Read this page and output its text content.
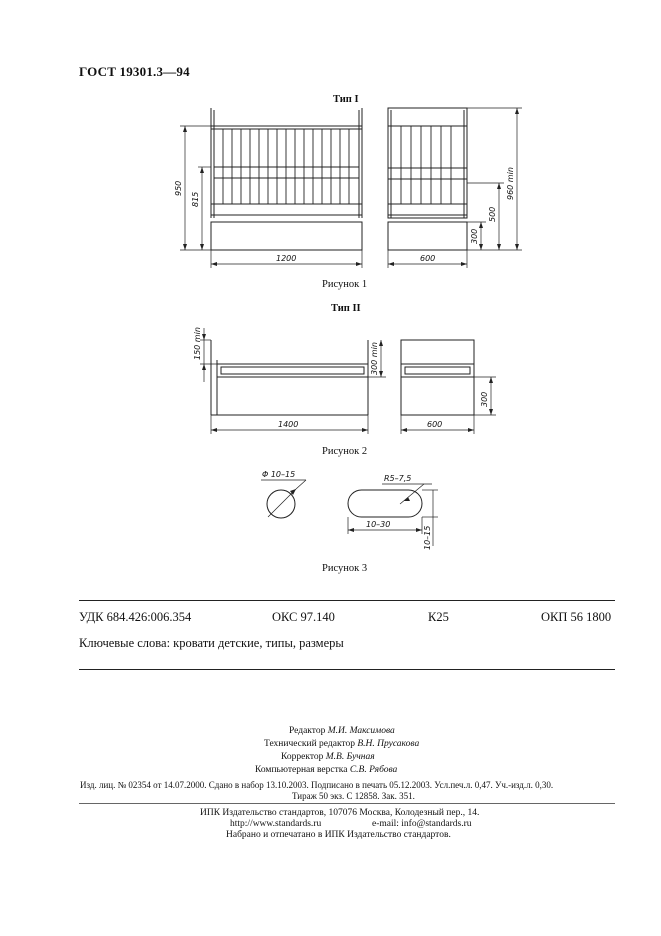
ГОСТ 19301.3—94
Тип I
Рисунок 1
Тип II
Рисунок 2
Рисунок 3
950
815
1200	600
960 min
500
300
150 min	300 min
1400	600
300
Φ 10–15	R5–7,5
10–30
10–15
УДК 684.426:006.354	ОКС 97.140	К25	ОКП 56 1800
Ключевые слова: кровати детские, типы, размеры
Редактор М.И. Максимова
Технический редактор В.Н. Прусакова
Корректор М.В. Бучная
Компьютерная верстка С.В. Рябова
Изд. лиц. № 02354 от 14.07.2000. Сдано в набор 13.10.2003. Подписано в печать 05.12.2003. Усл.печ.л. 0,47. Уч.-изд.л. 0,30.
Тираж 50 экз. С 12858. Зак. 351.
ИПК Издательство стандартов, 107076 Москва, Колодезный пер., 14.
http://www.standards.ru	e-mail: info@standards.ru
Набрано и отпечатано в ИПК Издательство стандартов.
